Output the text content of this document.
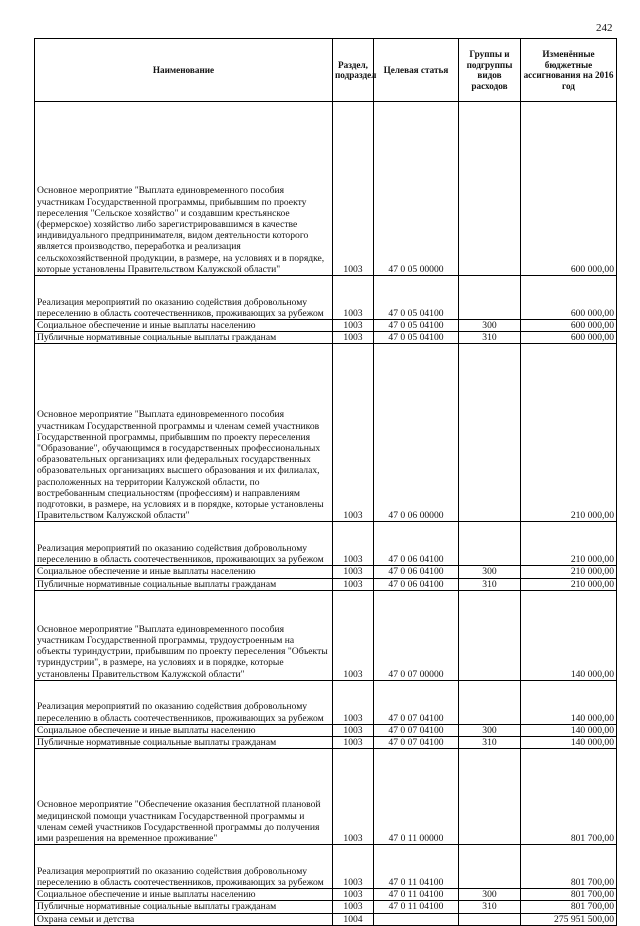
242
Наименование	Раздел, подраздел	Целевая статья	Группы и подгруппы видов расходов	Изменённые бюджетные ассигнования на 2016 год
Основное мероприятие "Выплата единовременного пособия участникам Государственной программы, прибывшим по проекту переселения "Сельское хозяйство" и создавшим крестьянское (фермерское) хозяйство либо зарегистрировавшимся в качестве индивидуального предпринимателя, видом деятельности которого является производство, переработка и реализация сельскохозяйственной продукции, в размере, на условиях и в порядке, которые установлены Правительством Калужской области"	1003	47 0 05 00000		600 000,00
Реализация мероприятий по оказанию содействия добровольному переселению в область соотечественников, проживающих за рубежом	1003	47 0 05 04100		600 000,00
Социальное обеспечение и иные выплаты населению	1003	47 0 05 04100	300	600 000,00
Публичные нормативные социальные выплаты гражданам	1003	47 0 05 04100	310	600 000,00
Основное мероприятие "Выплата единовременного пособия участникам Государственной программы и членам семей участников Государственной программы, прибывшим по проекту переселения "Образование", обучающимся в государственных профессиональных образовательных организациях или федеральных государственных образовательных организациях высшего образования и их филиалах, расположенных на территории Калужской области, по востребованным специальностям (профессиям) и направлениям подготовки, в размере, на условиях и в порядке, которые установлены Правительством Калужской области"	1003	47 0 06 00000		210 000,00
Реализация мероприятий по оказанию содействия добровольному переселению в область соотечественников, проживающих за рубежом	1003	47 0 06 04100		210 000,00
Социальное обеспечение и иные выплаты населению	1003	47 0 06 04100	300	210 000,00
Публичные нормативные социальные выплаты гражданам	1003	47 0 06 04100	310	210 000,00
Основное мероприятие "Выплата единовременного пособия участникам Государственной программы, трудоустроенным на объекты туриндустрии, прибывшим по проекту переселения "Объекты туриндустрии", в размере, на условиях и в порядке, которые установлены Правительством Калужской области"	1003	47 0 07 00000		140 000,00
Реализация мероприятий по оказанию содействия добровольному переселению в область соотечественников, проживающих за рубежом	1003	47 0 07 04100		140 000,00
Социальное обеспечение и иные выплаты населению	1003	47 0 07 04100	300	140 000,00
Публичные нормативные социальные выплаты гражданам	1003	47 0 07 04100	310	140 000,00
Основное мероприятие "Обеспечение оказания бесплатной плановой медицинской помощи участникам Государственной программы и членам семей участников Государственной программы до получения ими разрешения на временное проживание"	1003	47 0 11 00000		801 700,00
Реализация мероприятий по оказанию содействия добровольному переселению в область соотечественников, проживающих за рубежом	1003	47 0 11 04100		801 700,00
Социальное обеспечение и иные выплаты населению	1003	47 0 11 04100	300	801 700,00
Публичные нормативные социальные выплаты гражданам	1003	47 0 11 04100	310	801 700,00
Охрана семьи и детства	1004			275 951 500,00
